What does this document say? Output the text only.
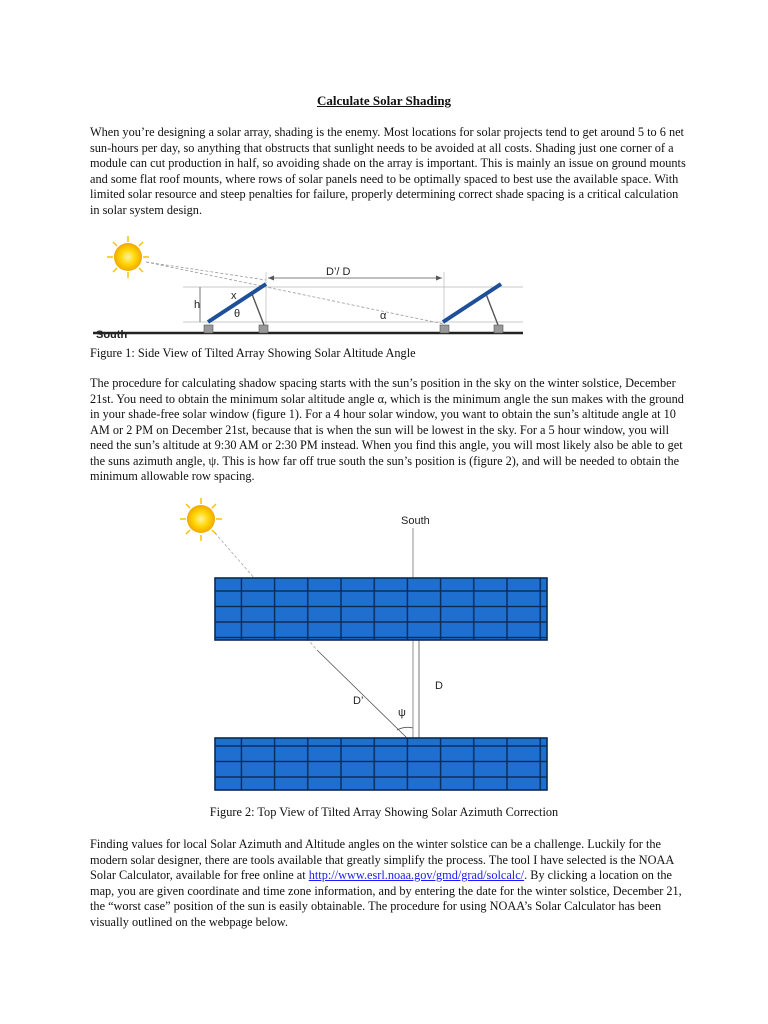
Calculate Solar Shading

When you’re designing a solar array, shading is the enemy. Most locations for solar projects tend to get around 5 to 6 net sun-hours per day, so anything that obstructs that sunlight needs to be avoided at all costs. Shading just one corner of a module can cut production in half, so avoiding shade on the array is important. This is mainly an issue on ground mounts and some flat roof mounts, where rows of solar panels need to be optimally spaced to best use the available space. With limited solar resource and steep penalties for failure, properly determining correct shade spacing is a critical calculation in solar system design.

D’/ D
h
South
x
θ	α
Figure 1: Side View of Tilted Array Showing Solar Altitude Angle

The procedure for calculating shadow spacing starts with the sun’s position in the sky on the winter solstice, December 21st. You need to obtain the minimum solar altitude angle α, which is the minimum angle the sun makes with the ground in your shade-free solar window (figure 1). For a 4 hour solar window, you want to obtain the sun’s altitude angle at 10 AM or 2 PM on December 21st, because that is when the sun will be lowest in the sky. For a 5 hour window, you will need the sun’s altitude at 9:30 AM or 2:30 PM instead. When you find this angle, you will most likely also be able to get the suns azimuth angle, ψ. This is how far off true south the sun’s position is (figure 2), and will be needed to obtain the minimum allowable row spacing.

South
D
D’
ψ
Figure 2: Top View of Tilted Array Showing Solar Azimuth Correction

Finding values for local Solar Azimuth and Altitude angles on the winter solstice can be a challenge. Luckily for the modern solar designer, there are tools available that greatly simplify the process. The tool I have selected is the NOAA Solar Calculator, available for free online at http://www.esrl.noaa.gov/gmd/grad/solcalc/. By clicking a location on the map, you are given coordinate and time zone information, and by entering the date for the winter solstice, December 21, the “worst case” position of the sun is easily obtainable. The procedure for using NOAA’s Solar Calculator has been visually outlined on the webpage below.
